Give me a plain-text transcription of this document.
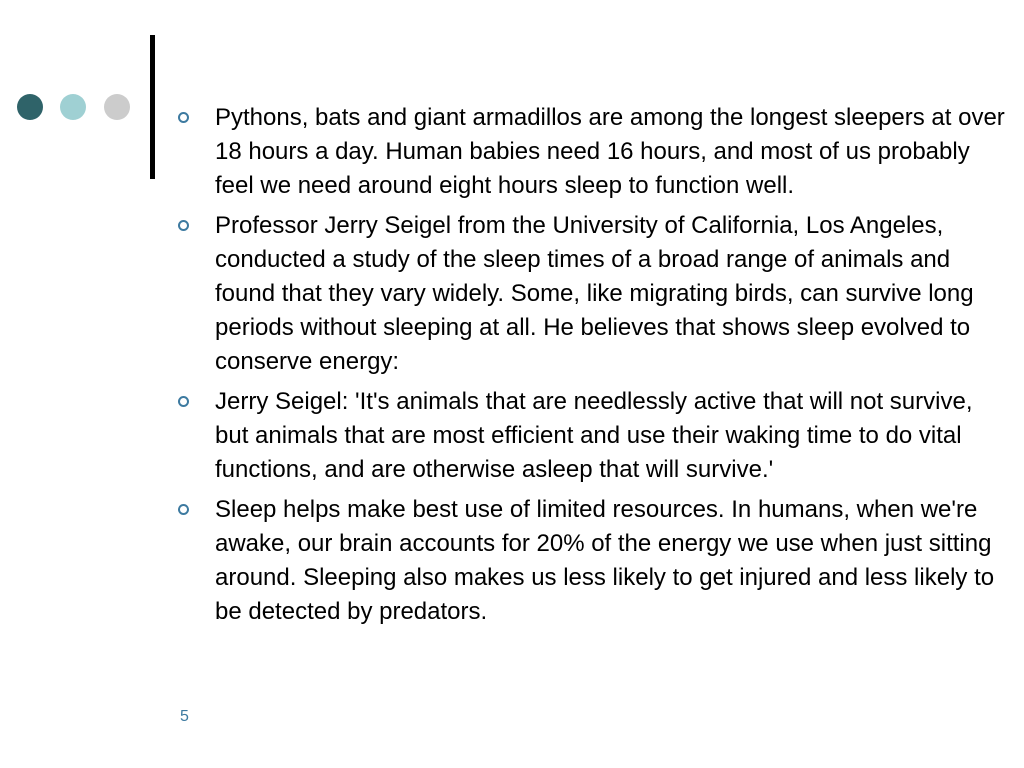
Pythons, bats and giant armadillos are among the longest sleepers at over 18 hours a day. Human babies need 16 hours, and most of us probably feel we need around eight hours sleep to function well.
Professor Jerry Seigel from the University of California, Los Angeles, conducted a study of the sleep times of a broad range of animals and found that they vary widely. Some, like migrating birds, can survive long periods without sleeping at all. He believes that shows sleep evolved to conserve energy:
Jerry Seigel: 'It's animals that are needlessly active that will not survive, but animals that are most efficient and use their waking time to do vital functions, and are otherwise asleep that will survive.'
Sleep helps make best use of limited resources. In humans, when we're awake, our brain accounts for 20% of the energy we use when just sitting around. Sleeping also makes us less likely to get injured and less likely to be detected by predators.
5
